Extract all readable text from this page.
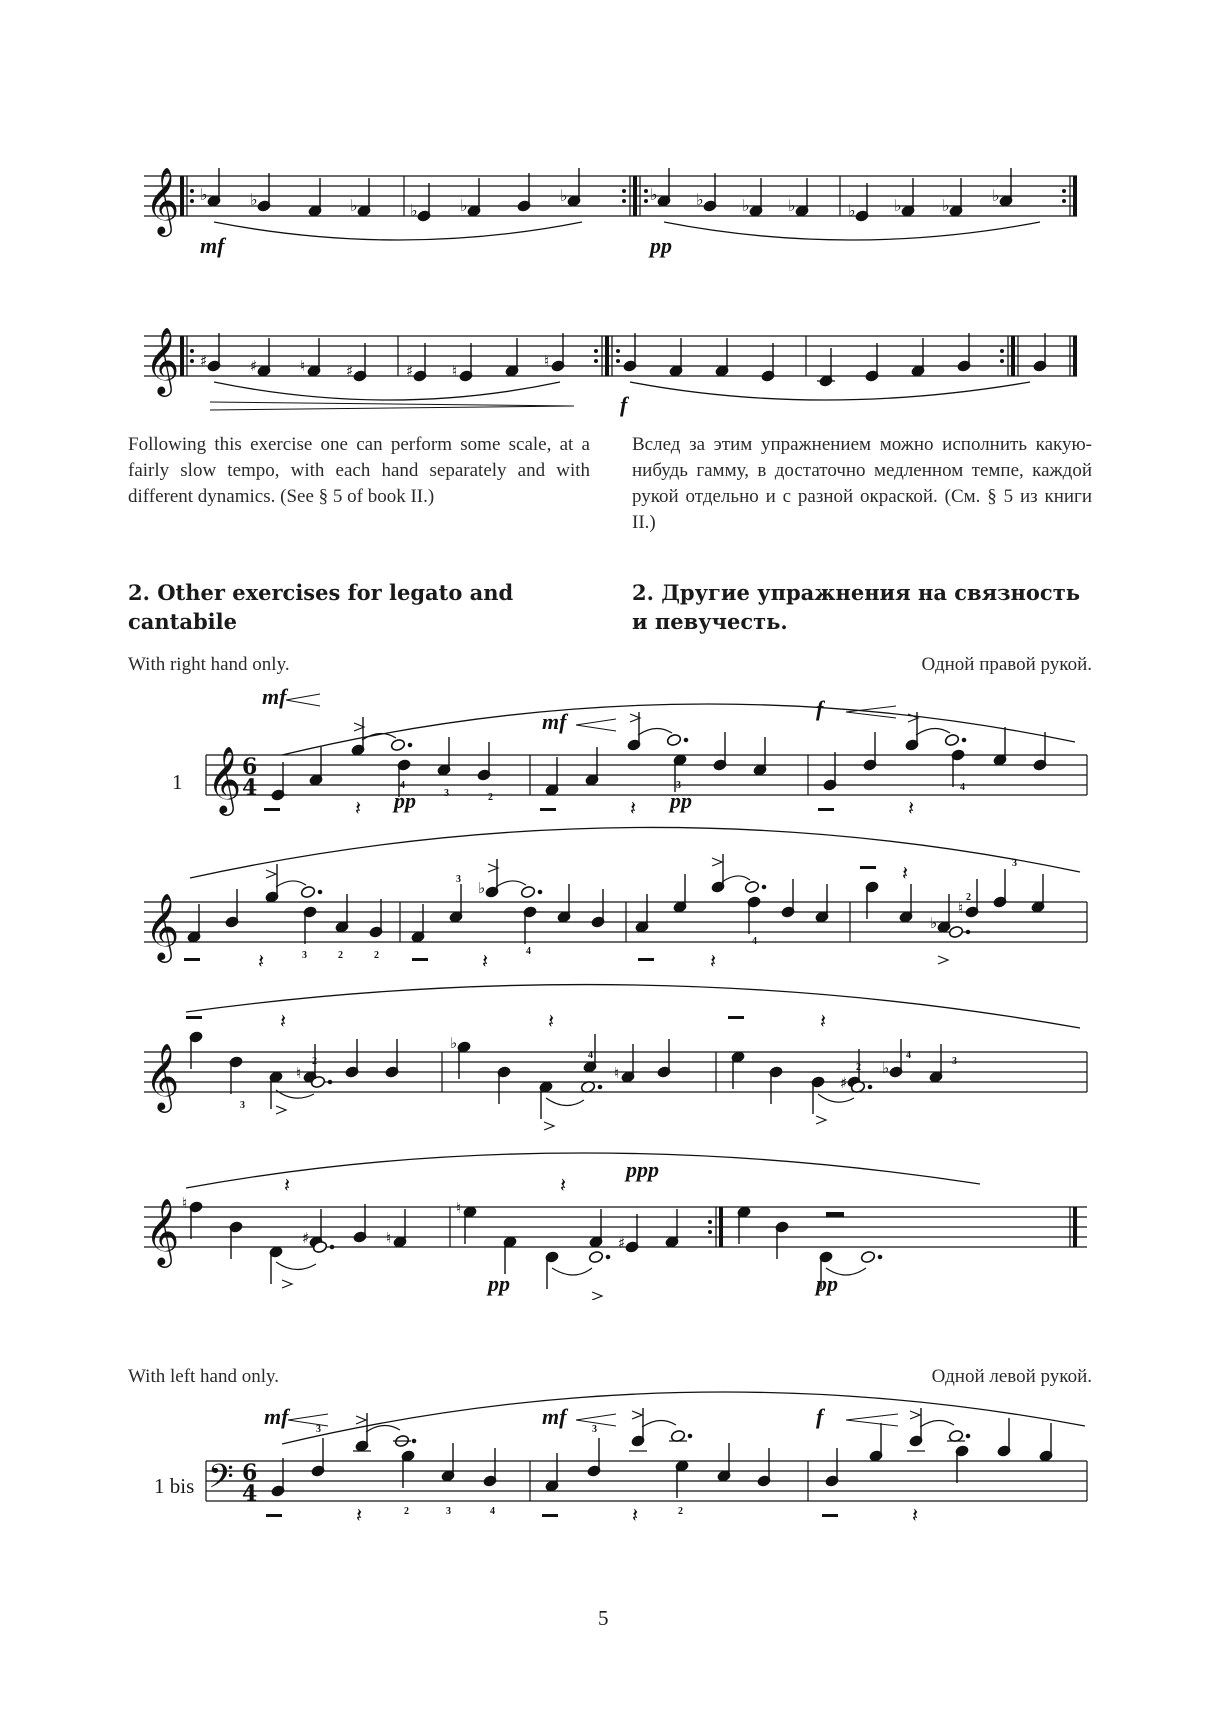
𝄞 ♭	♭	♭	♭	♭
♭	♭ ♭ ♭ ♭	♭ ♭	♭
♭
mf	pp
𝄞 ♯	♯	♮	♯	♯	♮
♮
f
Following this exercise one can perform some scale, at a fairly slow tempo, with each hand separately and with different dynamics. (See § 5 of book II.)
Вслед за этим упражнением можно исполнить какую-нибудь гамму, в достаточно медленном темпе, каждой рукой отдельно и с разной окраской. (См. § 5 из книги II.)
2. Other exercises for legato and cantabile
2. Другие упражнения на связность и певучесть.
With right hand only.	Одной правой рукой.
1 𝄞 6
4
𝄽	𝄽	𝄽
mf
mf
f
pp	pp
4
3	2
3	4
𝄞
𝄽
♭
𝄽	𝄽
𝄽
♭
♮
3	2	2
3
4
4
2
3
𝄞
𝄽
♮
♭
𝄽
♮
𝄽
♯
♭
3
2
4
2
4
3
𝄞 ♮
𝄽
♯	♮
♮
𝄽
♯
ppp
pp	pp
With left hand only.	Одной левой рукой.
1 bis 𝄢 6
4
𝄽	𝄽	𝄽
mf	mf	f
3
2	3	4
3
2
5
